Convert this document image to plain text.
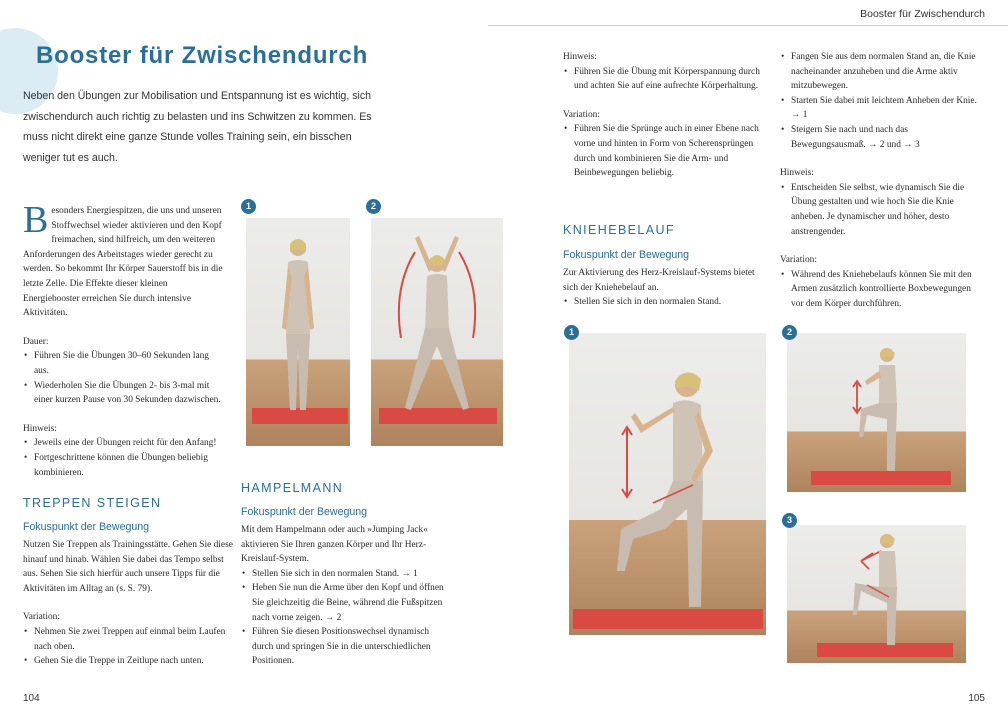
Booster für Zwischendurch
Booster für Zwischendurch
Neben den Übungen zur Mobilisation und Entspannung ist es wichtig, sich zwischendurch auch richtig zu belasten und ins Schwitzen zu kommen. Es muss nicht direkt eine ganze Stunde volles Training sein, ein bisschen weniger tut es auch.

Besonders Energiespitzen, die uns und unseren Stoffwechsel wieder aktivieren und den Kopf freimachen, sind hilfreich, um den weiteren Anforderungen des Arbeitstages wieder gerecht zu werden. So bekommt Ihr Körper Sauerstoff bis in die letzte Zelle. Die Effekte dieser kleinen Energiebooster erreichen Sie durch intensive Aktivitäten.

Dauer:

• Führen Sie die Übungen 30–60 Sekunden lang aus.
• Wiederholen Sie die Übungen 2- bis 3-mal mit einer kurzen Pause von 30 Sekunden dazwischen.

Hinweis:

• Jeweils eine der Übungen reicht für den Anfang!
• Fortgeschrittene können die Übungen beliebig kombinieren.
TREPPEN STEIGEN
Fokuspunkt der Bewegung

Nutzen Sie Treppen als Trainingsstätte. Gehen Sie diese hinauf und hinab. Wählen Sie dabei das Tempo selbst aus. Sehen Sie sich hierfür auch unsere Tipps für die Aktivitäten im Alltag an (s. S. 79).

Variation:

• Nehmen Sie zwei Treppen auf einmal beim Laufen nach oben.
• Gehen Sie die Treppe in Zeitlupe nach unten.
1	2
HAMPELMANN
Fokuspunkt der Bewegung

Mit dem Hampelmann oder auch »Jumping Jack« aktivieren Sie Ihren ganzen Körper und Ihr Herz-Kreislauf-System.

• Stellen Sie sich in den normalen Stand. → 1
• Heben Sie nun die Arme über den Kopf und öffnen Sie gleichzeitig die Beine, während die Fußspitzen nach vorne zeigen. → 2
• Führen Sie diesen Positionswechsel dynamisch durch und springen Sie in die unterschiedlichen Positionen.

Hinweis:

• Führen Sie die Übung mit Körperspannung durch und achten Sie auf eine aufrechte Körperhaltung.

Variation:

• Führen Sie die Sprünge auch in einer Ebene nach vorne und hinten in Form von Scherensprüngen durch und kombinieren Sie die Arm- und Beinbewegungen beliebig.
KNIEHEBELAUF
Fokuspunkt der Bewegung

Zur Aktivierung des Herz-Kreislauf-Systems bietet sich der Kniehebelauf an.

• Stellen Sie sich in den normalen Stand.
1
• Fangen Sie aus dem normalen Stand an, die Knie nacheinander anzuheben und die Arme aktiv mitzubewegen.
• Starten Sie dabei mit leichtem Anheben der Knie. → 1
• Steigern Sie nach und nach das Bewegungsausmaß. → 2 und → 3

Hinweis:

• Entscheiden Sie selbst, wie dynamisch Sie die Übung gestalten und wie hoch Sie die Knie anheben. Je dynamischer und höher, desto anstrengender.

Variation:

• Während des Kniehebelaufs können Sie mit den Armen zusätzlich kontrollierte Boxbewegungen vor dem Körper durchführen.
2
3
104	105
